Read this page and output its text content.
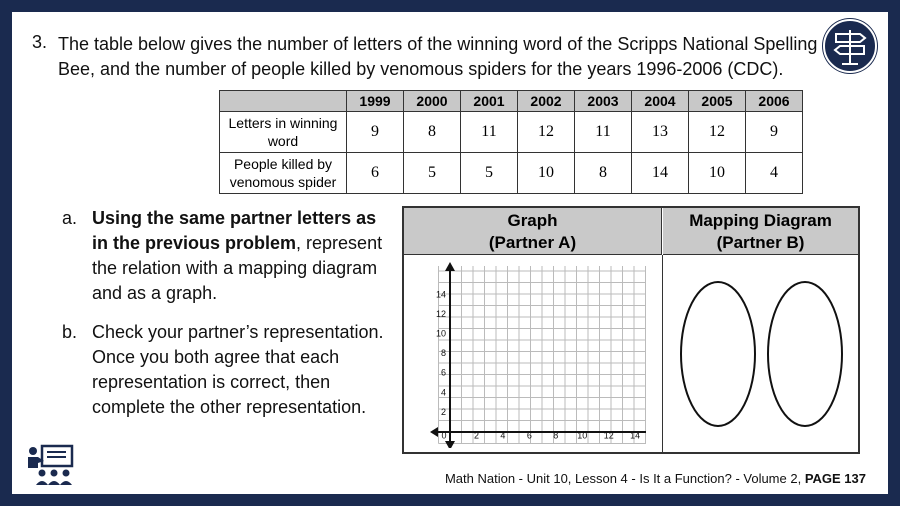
3. The table below gives the number of letters of the winning word of the Scripps National Spelling Bee, and the number of people killed by venomous spiders for the years 1996-2006 (CDC).
	1999	2000	2001	2002	2003	2004	2005	2006
Letters in winning word	9	8	11	12	11	13	12	9
People killed by venomous spider	6	5	5	10	8	14	10	4
a. Using the same partner letters as in the previous problem, represent the relation with a mapping diagram and as a graph.
b. Check your partner’s representation. Once you both agree that each representation is correct, then complete the other representation.
Graph
(Partner A)
Mapping Diagram
(Partner B)
0	2 4 6 8 10 12 14
2
4
6
8
10
12
14
Math Nation - Unit 10, Lesson 4 - Is It a Function? - Volume 2, PAGE 137
